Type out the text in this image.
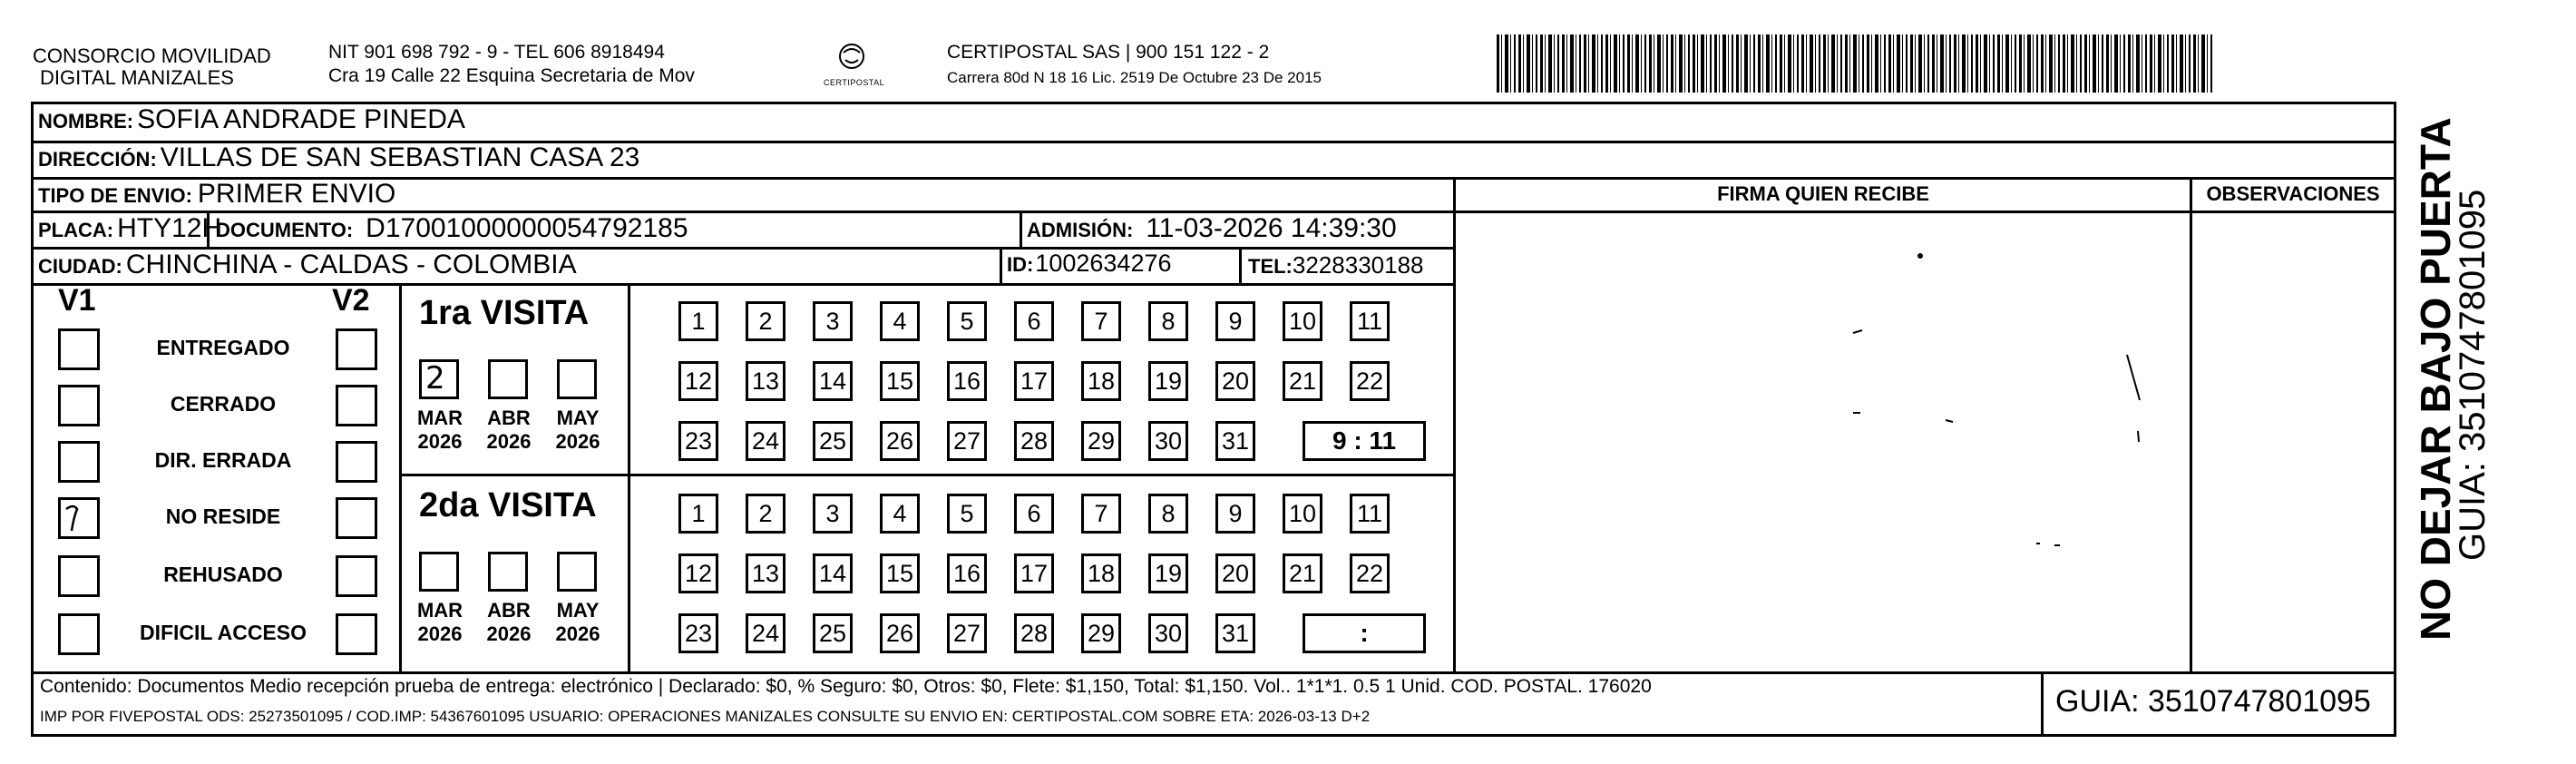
CONSORCIO MOVILIDAD
DIGITAL MANIZALES
NIT 901 698 792 - 9 - TEL 606 8918494
Cra 19 Calle 22 Esquina Secretaria de Mov	CERTIPOSTAL
CERTIPOSTAL SAS | 900 151 122 - 2
Carrera 80d N 18 16 Lic. 2519 De Octubre 23 De 2015
NOMBRE: SOFIA ANDRADE PINEDA
DIRECCIÓN: VILLAS DE SAN SEBASTIAN CASA 23
TIPO DE ENVIO: PRIMER ENVIO
PLACA: HTY12H
DOCUMENTO: D17001000000054792185	ADMISIÓN: 11-03-2026 14:39:30
CIUDAD: CHINCHINA - CALDAS - COLOMBIA	ID: 1002634276	TEL: 3228330188
FIRMA QUIEN RECIBE	OBSERVACIONES
V1	V2
ENTREGADO
CERRADO
DIR. ERRADA
NO RESIDE
REHUSADO
DIFICIL ACCESO
1ra VISITA
2
MAR
2026
ABR
2026
MAY
2026
1	2	3	4	5	6	7	8	9	10 11
12 13 14 15 16 17 18 19 20 21 22
23 24 25 26 27 28 29 30 31	9 : 11
2da VISITA
MAR
2026
ABR
2026
MAY
2026
1	2	3	4	5	6	7	8	9	10 11
12 13 14 15 16 17 18 19 20 21 22
23 24 25 26 27 28 29 30 31	:
Contenido: Documentos Medio recepción prueba de entrega: electrónico | Declarado: $0, % Seguro: $0, Otros: $0, Flete: $1,150, Total: $1,150. Vol.. 1*1*1. 0.5 1 Unid. COD. POSTAL. 176020
IMP POR FIVEPOSTAL ODS: 25273501095 / COD.IMP: 54367601095 USUARIO: OPERACIONES MANIZALES CONSULTE SU ENVIO EN: CERTIPOSTAL.COM SOBRE ETA: 2026-03-13 D+2	GUIA: 3510747801095
NO DEJAR BAJO PUERTA
GUIA: 3510747801095
